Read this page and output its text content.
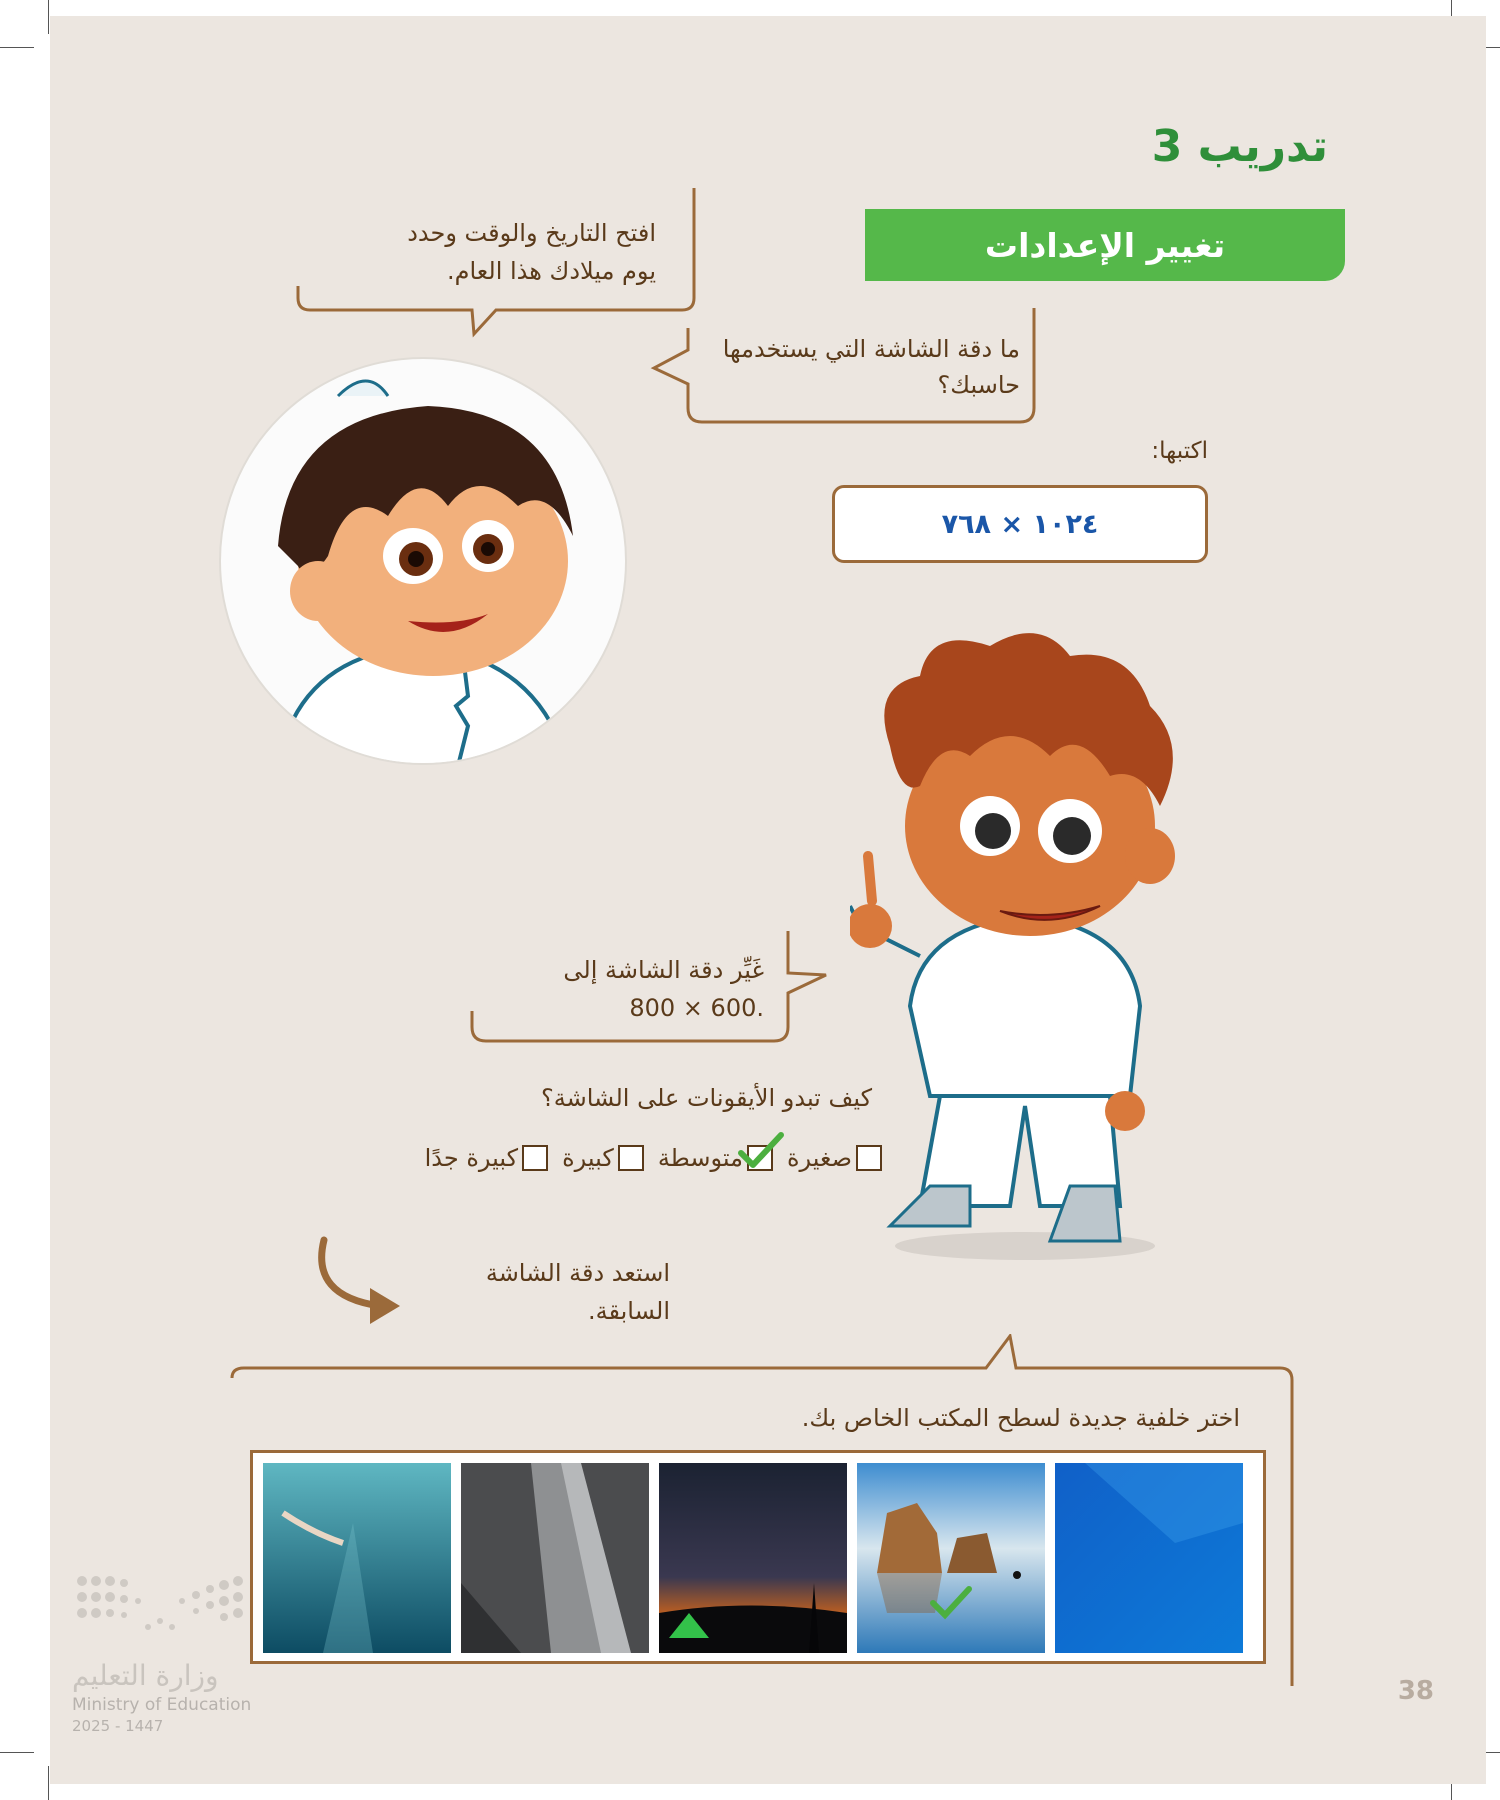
تدريب 3
تغيير الإعدادات
افتح التاريخ والوقت وحدد
يوم ميلادك هذا العام.
ما دقة الشاشة التي يستخدمها
حاسبك؟
اكتبها:
١٠٢٤ × ٧٦٨
غَيِّر دقة الشاشة إلى
.600 × 800
كيف تبدو الأيقونات على الشاشة؟
صغيرة
متوسطة
كبيرة
كبيرة جدًا
استعد دقة الشاشة
السابقة.
اختر خلفية جديدة لسطح المكتب الخاص بك.
38
وزارة التعليم
Ministry of Education
2025 - 1447
